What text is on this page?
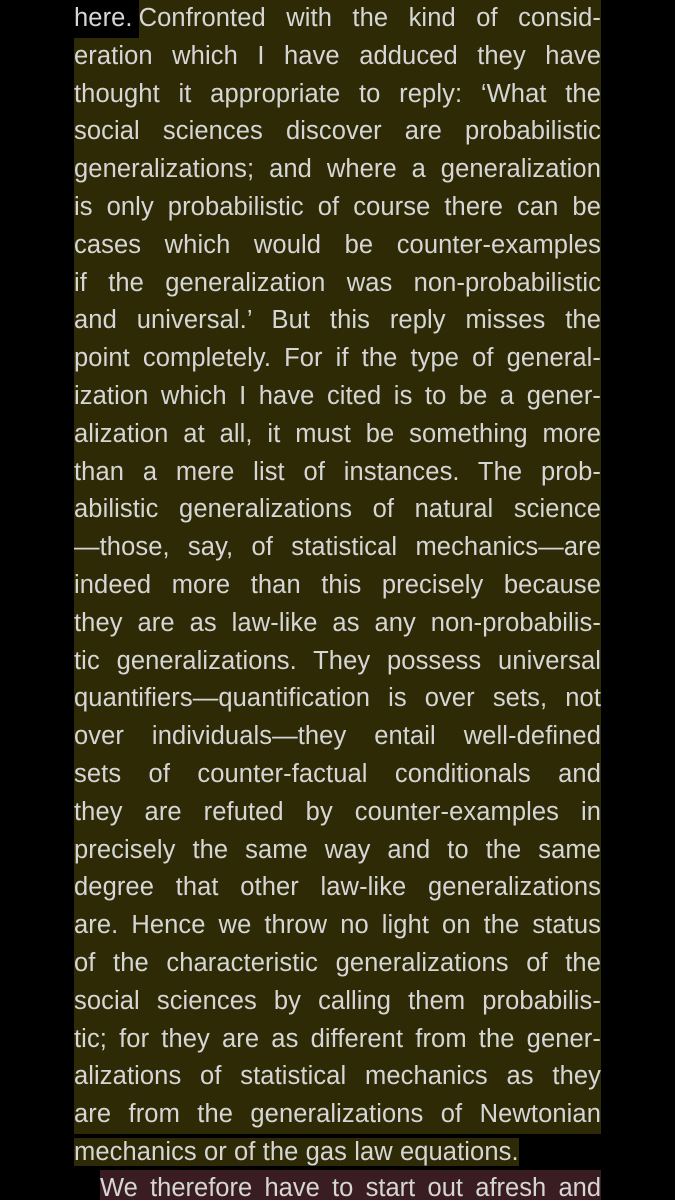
here. Confronted with the kind of consid-
eration which I have adduced they have
thought it appropriate to reply: ‘What the
social sciences discover are probabilistic
generalizations; and where a generalization
is only probabilistic of course there can be
cases which would be counter-examples
if the generalization was non-probabilistic
and universal.’ But this reply misses the
point completely. For if the type of general-
ization which I have cited is to be a gener-
alization at all, it must be something more
than a mere list of instances. The prob-
abilistic generalizations of natural science
—those, say, of statistical mechanics—are
indeed more than this precisely because
they are as law-like as any non-probabilis-
tic generalizations. They possess universal
quantifiers—quantification is over sets, not
over individuals—they entail well-defined
sets of counter-factual conditionals and
they are refuted by counter-examples in
precisely the same way and to the same
degree that other law-like generalizations
are. Hence we throw no light on the status
of the characteristic generalizations of the
social sciences by calling them probabilis-
tic; for they are as different from the gener-
alizations of statistical mechanics as they
are from the generalizations of Newtonian
mechanics or of the gas law equations.
We therefore have to start out afresh and
